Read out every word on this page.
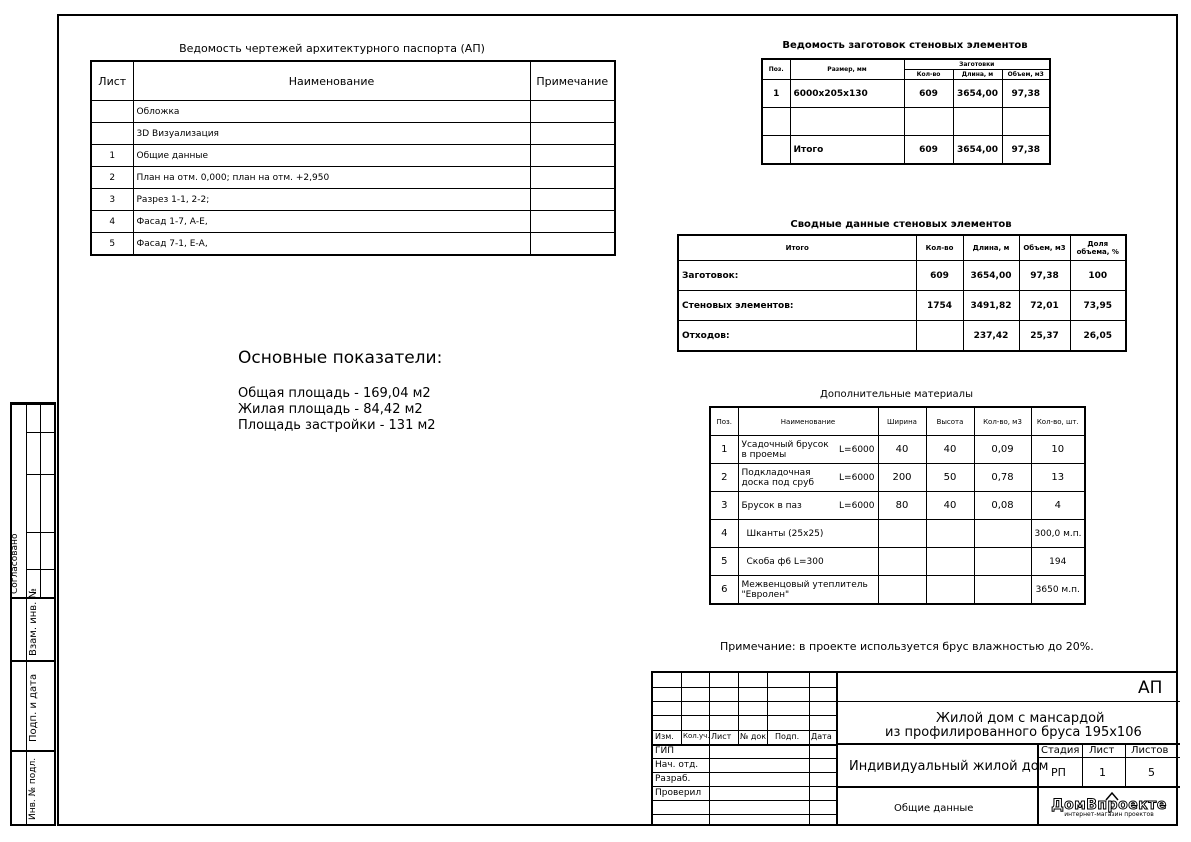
Согласовано
Взам. инв. №
Подп. и дата
Инв. № подл.
Ведомость чертежей архитектурного паспорта (АП)
Лист	Наименование	Примечание
	Обложка	
	3D Визуализация	
1	Общие данные	
2	План на отм. 0,000; план на отм. +2,950	
3	Разрез 1-1, 2-2;	
4	Фасад 1-7, А-Е,	
5	Фасад 7-1, Е-А,	
Ведомость заготовок стеновых элементов
Поз.	Размер, мм	Заготовки		
		Кол-во	Длина, м	Объем, м3
1	6000x205x130	609	3654,00	97,38

	Итого	609	3654,00	97,38
Сводные данные стеновых элементов
Итого	Кол-во	Длина, м	Объем, м3	Доля объема, %
Заготовок:	609	3654,00	97,38	100
Стеновых элементов:	1754	3491,82	72,01	73,95
Отходов:		237,42	25,37	26,05
Основные показатели:
Общая площадь - 169,04 м2
Жилая площадь - 84,42 м2
Площадь застройки - 131 м2
Дополнительные материалы
Поз.	Наименование	Ширина	Высота	Кол-во, м3	Кол-во, шт.
1	Усадочный брусок в проемы L=6000	40	40	0,09	10
2	Подкладочная доска под сруб L=6000	200	50	0,78	13
3	Брусок в паз L=6000	80	40	0,08	4
4	Шканты (25x25)				300,0 м.п.
5	Скоба ф6 L=300				194
6	Межвенцовый утеплитель "Евролен"				3650 м.п.
Примечание: в проекте используется брус влажностью до 20%.
Изм. Кол.уч. Лист № док. Подп. Дата
ГИП
Нач. отд.
Разраб.
Проверил
АП
Жилой дом с мансардой
из профилированного бруса 195x106
Индивидуальный жилой дом
Стадия Лист Листов
РП	1	5
Общие данные	ДомВпроекте
интернет-магазин проектов
